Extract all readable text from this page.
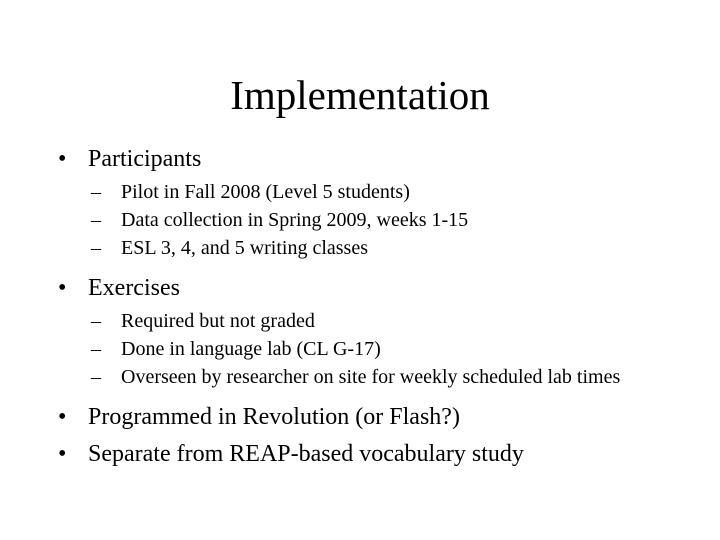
Implementation
• Participants
– Pilot in Fall 2008 (Level 5 students)
– Data collection in Spring 2009, weeks 1-15
– ESL 3, 4, and 5 writing classes
• Exercises
– Required but not graded
– Done in language lab (CL G-17)
– Overseen by researcher on site for weekly scheduled lab times
• Programmed in Revolution (or Flash?)
• Separate from REAP-based vocabulary study
